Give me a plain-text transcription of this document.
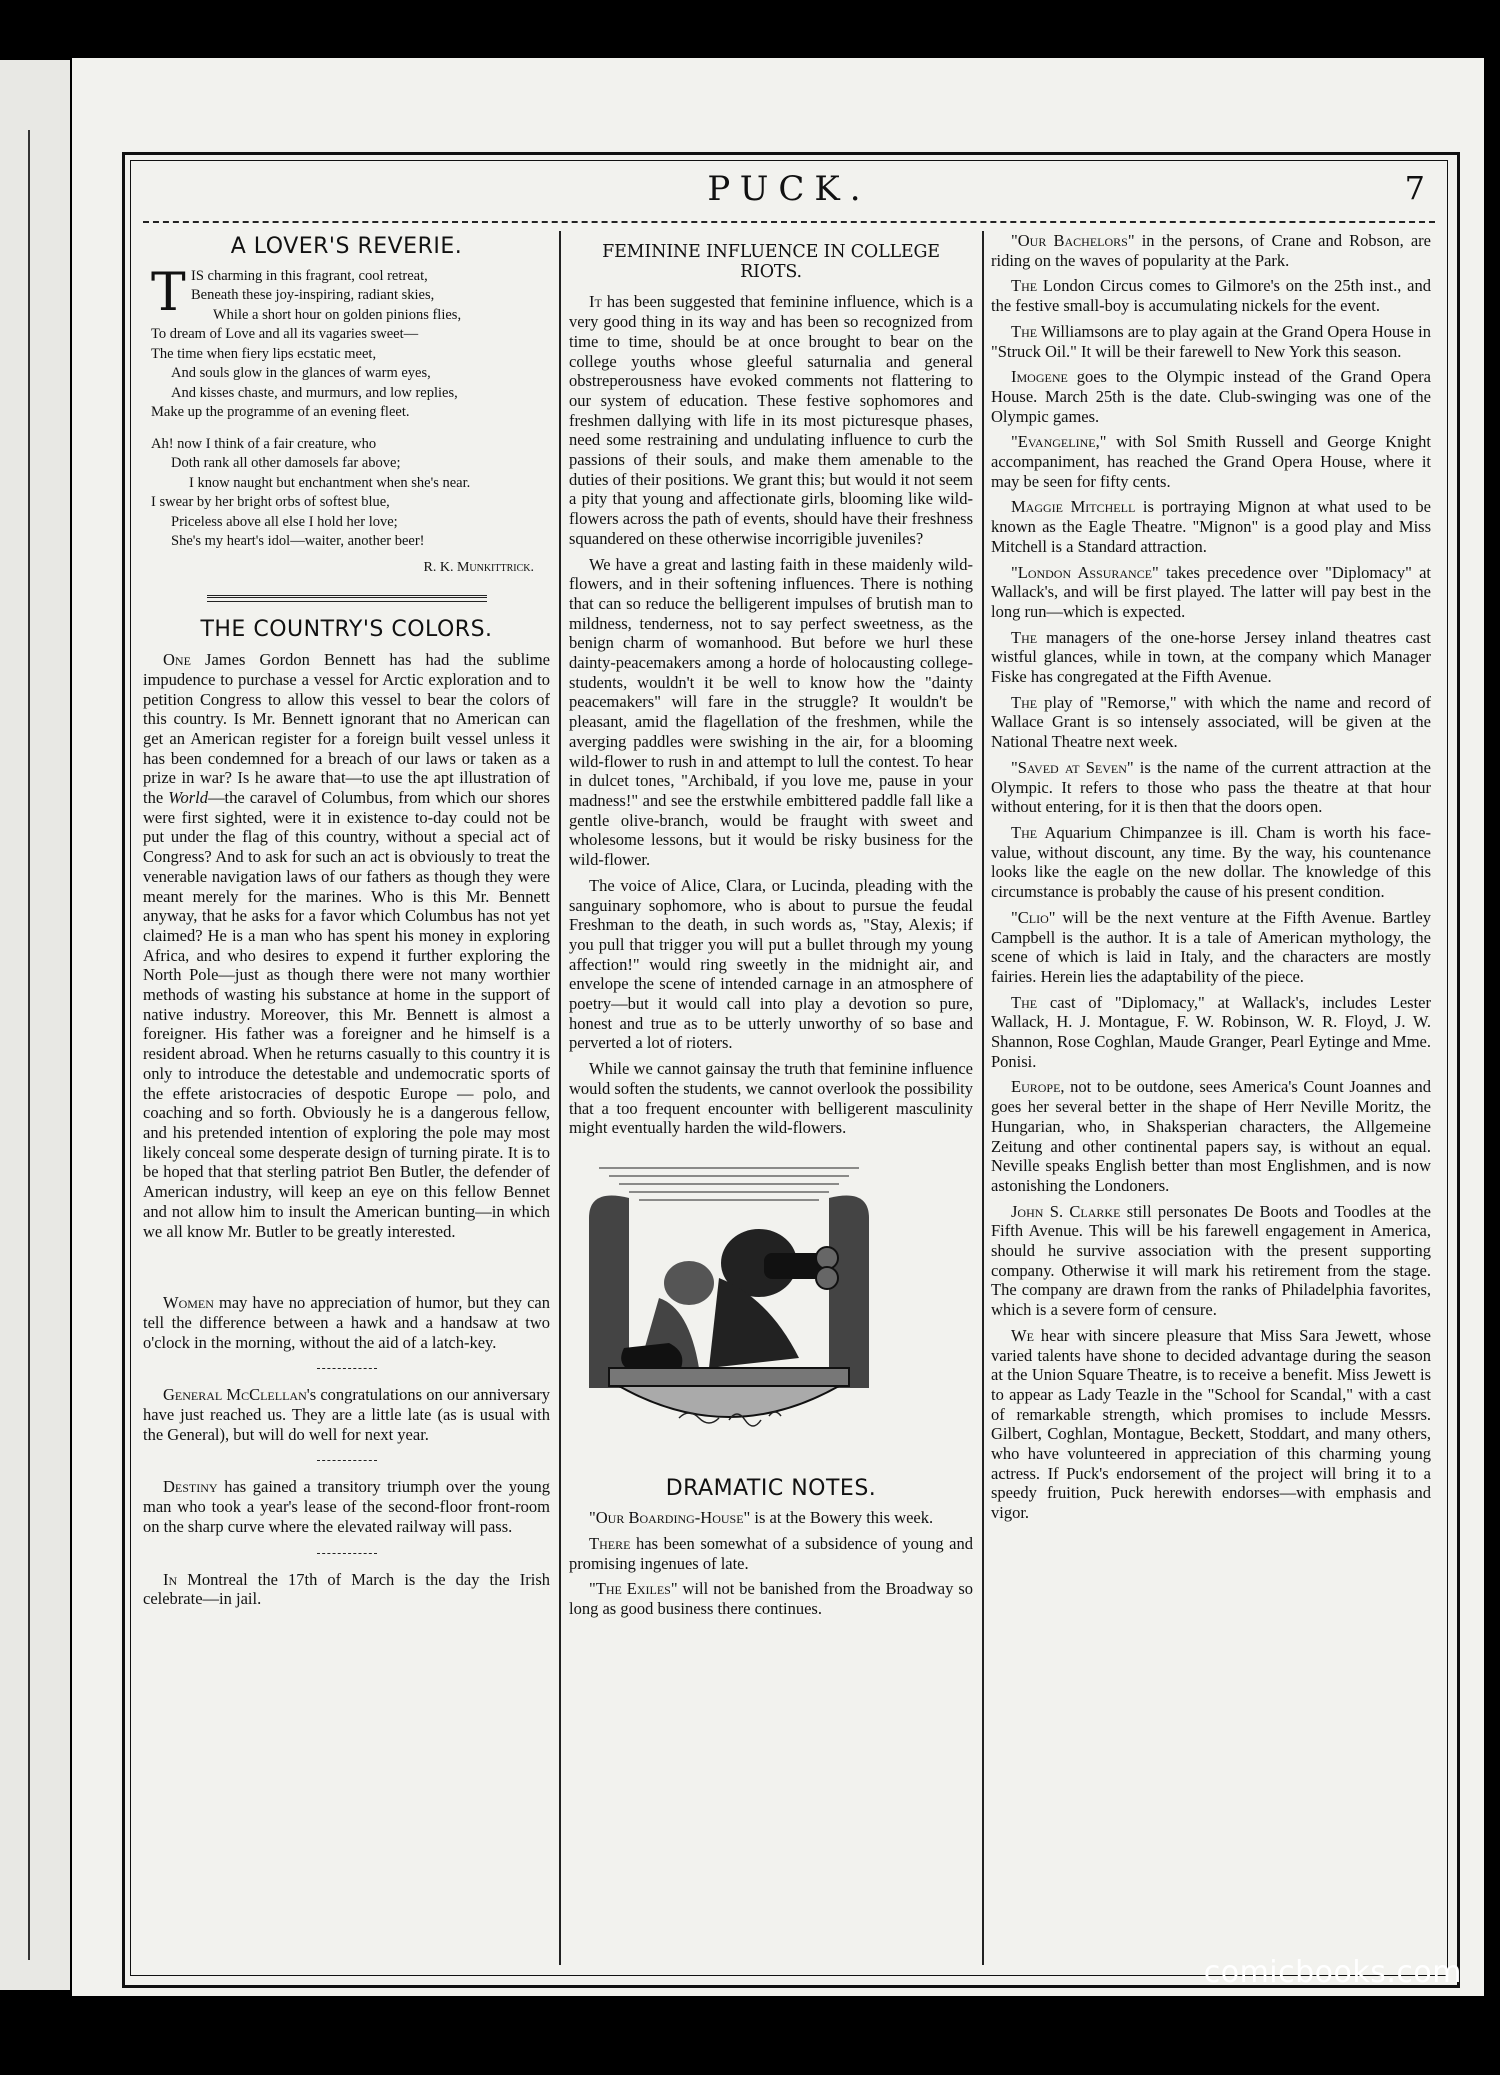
PUCK.	7
A LOVER'S REVERIE.
TIS charming in this fragrant, cool retreat,
Beneath these joy-inspiring, radiant skies,
While a short hour on golden pinions flies,
To dream of Love and all its vagaries sweet—
The time when fiery lips ecstatic meet,
And souls glow in the glances of warm eyes,
And kisses chaste, and murmurs, and low replies,
Make up the programme of an evening fleet.
Ah! now I think of a fair creature, who
Doth rank all other damosels far above;
I know naught but enchantment when she's near.
I swear by her bright orbs of softest blue,
Priceless above all else I hold her love;
She's my heart's idol—waiter, another beer!
R. K. Munkittrick.
THE COUNTRY'S COLORS.

One James Gordon Bennett has had the sublime impudence to purchase a vessel for Arctic exploration and to petition Congress to allow this vessel to bear the colors of this country. Is Mr. Bennett ignorant that no American can get an American register for a foreign built vessel unless it has been condemned for a breach of our laws or taken as a prize in war? Is he aware that—to use the apt illustration of the World—the caravel of Columbus, from which our shores were first sighted, were it in existence to-day could not be put under the flag of this country, without a special act of Congress? And to ask for such an act is obviously to treat the venerable navigation laws of our fathers as though they were meant merely for the marines. Who is this Mr. Bennett anyway, that he asks for a favor which Columbus has not yet claimed? He is a man who has spent his money in exploring Africa, and who desires to expend it further exploring the North Pole—just as though there were not many worthier methods of wasting his substance at home in the support of native industry. Moreover, this Mr. Bennett is almost a foreigner. His father was a foreigner and he himself is a resident abroad. When he returns casually to this country it is only to introduce the detestable and undemocratic sports of the effete aristocracies of despotic Europe — polo, and coaching and so forth. Obviously he is a dangerous fellow, and his pretended intention of exploring the pole may most likely conceal some desperate design of turning pirate. It is to be hoped that that sterling patriot Ben Butler, the defender of American industry, will keep an eye on this fellow Bennet and not allow him to insult the American bunting—in which we all know Mr. Butler to be greatly interested.

Women may have no appreciation of humor, but they can tell the difference between a hawk and a handsaw at two o'clock in the morning, without the aid of a latch-key.

General McClellan's congratulations on our anniversary have just reached us. They are a little late (as is usual with the General), but will do well for next year.

Destiny has gained a transitory triumph over the young man who took a year's lease of the second-floor front-room on the sharp curve where the elevated railway will pass.

In Montreal the 17th of March is the day the Irish celebrate—in jail.

FEMININE INFLUENCE IN COLLEGE RIOTS.

It has been suggested that feminine influence, which is a very good thing in its way and has been so recognized from time to time, should be at once brought to bear on the college youths whose gleeful saturnalia and general obstreperousness have evoked comments not flattering to our system of education. These festive sophomores and freshmen dallying with life in its most picturesque phases, need some restraining and undulating influence to curb the passions of their souls, and make them amenable to the duties of their positions. We grant this; but would it not seem a pity that young and affectionate girls, blooming like wild-flowers across the path of events, should have their freshness squandered on these otherwise incorrigible juveniles?

We have a great and lasting faith in these maidenly wild-flowers, and in their softening influences. There is nothing that can so reduce the belligerent impulses of brutish man to mildness, tenderness, not to say perfect sweetness, as the benign charm of womanhood. But before we hurl these dainty-peacemakers among a horde of holocausting college-students, wouldn't it be well to know how the "dainty peacemakers" will fare in the struggle? It wouldn't be pleasant, amid the flagellation of the freshmen, while the averging paddles were swishing in the air, for a blooming wild-flower to rush in and attempt to lull the contest. To hear in dulcet tones, "Archibald, if you love me, pause in your madness!" and see the erstwhile embittered paddle fall like a gentle olive-branch, would be fraught with sweet and wholesome lessons, but it would be risky business for the wild-flower.

The voice of Alice, Clara, or Lucinda, pleading with the sanguinary sophomore, who is about to pursue the feudal Freshman to the death, in such words as, "Stay, Alexis; if you pull that trigger you will put a bullet through my young affection!" would ring sweetly in the midnight air, and envelope the scene of intended carnage in an atmosphere of poetry—but it would call into play a devotion so pure, honest and true as to be utterly unworthy of so base and perverted a lot of rioters.

While we cannot gainsay the truth that feminine influence would soften the students, we cannot overlook the possibility that a too frequent encounter with belligerent masculinity might eventually harden the wild-flowers.

DRAMATIC NOTES.

"Our Boarding-House" is at the Bowery this week.

There has been somewhat of a subsidence of young and promising ingenues of late.

"The Exiles" will not be banished from the Broadway so long as good business there continues.

"Our Bachelors" in the persons, of Crane and Robson, are riding on the waves of popularity at the Park.

The London Circus comes to Gilmore's on the 25th inst., and the festive small-boy is accumulating nickels for the event.

The Williamsons are to play again at the Grand Opera House in "Struck Oil." It will be their farewell to New York this season.

Imogene goes to the Olympic instead of the Grand Opera House. March 25th is the date. Club-swinging was one of the Olympic games.

"Evangeline," with Sol Smith Russell and George Knight accompaniment, has reached the Grand Opera House, where it may be seen for fifty cents.

Maggie Mitchell is portraying Mignon at what used to be known as the Eagle Theatre. "Mignon" is a good play and Miss Mitchell is a Standard attraction.

"London Assurance" takes precedence over "Diplomacy" at Wallack's, and will be first played. The latter will pay best in the long run—which is expected.

The managers of the one-horse Jersey inland theatres cast wistful glances, while in town, at the company which Manager Fiske has congregated at the Fifth Avenue.

The play of "Remorse," with which the name and record of Wallace Grant is so intensely associated, will be given at the National Theatre next week.

"Saved at Seven" is the name of the current attraction at the Olympic. It refers to those who pass the theatre at that hour without entering, for it is then that the doors open.

The Aquarium Chimpanzee is ill. Cham is worth his face-value, without discount, any time. By the way, his countenance looks like the eagle on the new dollar. The knowledge of this circumstance is probably the cause of his present condition.

"Clio" will be the next venture at the Fifth Avenue. Bartley Campbell is the author. It is a tale of American mythology, the scene of which is laid in Italy, and the characters are mostly fairies. Herein lies the adaptability of the piece.

The cast of "Diplomacy," at Wallack's, includes Lester Wallack, H. J. Montague, F. W. Robinson, W. R. Floyd, J. W. Shannon, Rose Coghlan, Maude Granger, Pearl Eytinge and Mme. Ponisi.

Europe, not to be outdone, sees America's Count Joannes and goes her several better in the shape of Herr Neville Moritz, the Hungarian, who, in Shaksperian characters, the Allgemeine Zeitung and other continental papers say, is without an equal. Neville speaks English better than most Englishmen, and is now astonishing the Londoners.

John S. Clarke still personates De Boots and Toodles at the Fifth Avenue. This will be his farewell engagement in America, should he survive association with the present supporting company. Otherwise it will mark his retirement from the stage. The company are drawn from the ranks of Philadelphia favorites, which is a severe form of censure.

We hear with sincere pleasure that Miss Sara Jewett, whose varied talents have shone to decided advantage during the season at the Union Square Theatre, is to receive a benefit. Miss Jewett is to appear as Lady Teazle in the "School for Scandal," with a cast of remarkable strength, which promises to include Messrs. Gilbert, Coghlan, Montague, Beckett, Stoddart, and many others, who have volunteered in appreciation of this charming young actress. If Puck's endorsement of the project will bring it to a speedy fruition, Puck herewith endorses—with emphasis and vigor.

comicbooks.com
